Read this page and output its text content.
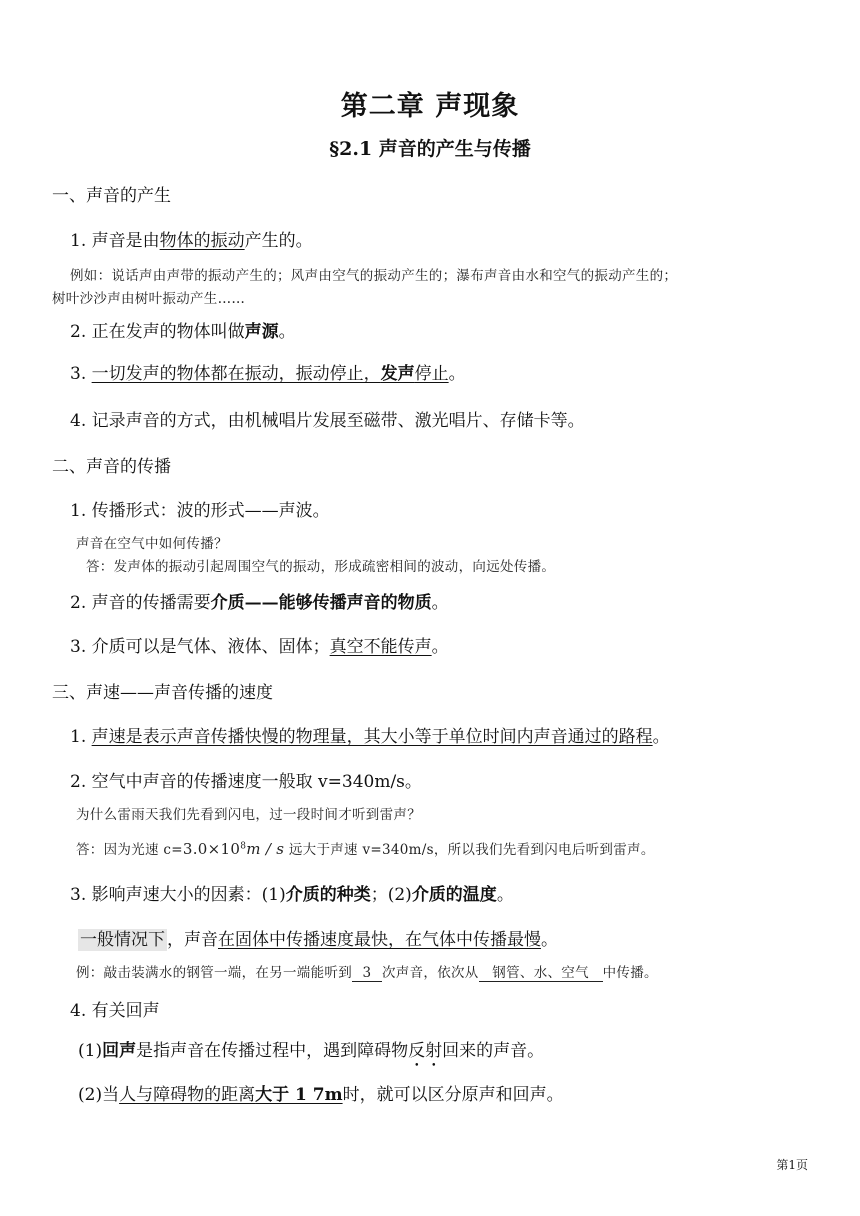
第二章 声现象
§2.1 声音的产生与传播
一、声音的产生
1. 声音是由物体的振动产生的。
例如：说话声由声带的振动产生的；风声由空气的振动产生的；瀑布声音由水和空气的振动产生的；
树叶沙沙声由树叶振动产生……
2. 正在发声的物体叫做声源。
3. 一切发声的物体都在振动，振动停止，发声停止。
4. 记录声音的方式，由机械唱片发展至磁带、激光唱片、存储卡等。
二、声音的传播
1. 传播形式：波的形式——声波。
声音在空气中如何传播？
答：发声体的振动引起周围空气的振动，形成疏密相间的波动，向远处传播。
2. 声音的传播需要介质——能够传播声音的物质。
3. 介质可以是气体、液体、固体；真空不能传声。
三、声速——声音传播的速度
1. 声速是表示声音传播快慢的物理量，其大小等于单位时间内声音通过的路程。
2. 空气中声音的传播速度一般取 v=340m/s。
为什么雷雨天我们先看到闪电，过一段时间才听到雷声？
答：因为光速 $c=3.0\times 10^8m / s$ 远大于声速 v=340m/s，所以我们先看到闪电后听到雷声。
3. 影响声速大小的因素：(1)介质的种类；(2)介质的温度。
一般情况下 ，声音在固体中传播速度最快，在气体中传播最慢。
例：敲击装满水的钢管一端，在另一端能听到 3 次声音，依次从 钢管、水、空气 中传播。
4. 有关回声
(1)回声是指声音在传播过程中，遇到障碍物反射回来的声音。
(2)当人与障碍物的距离大于 1 7m时，就可以区分原声和回声。
第1页
